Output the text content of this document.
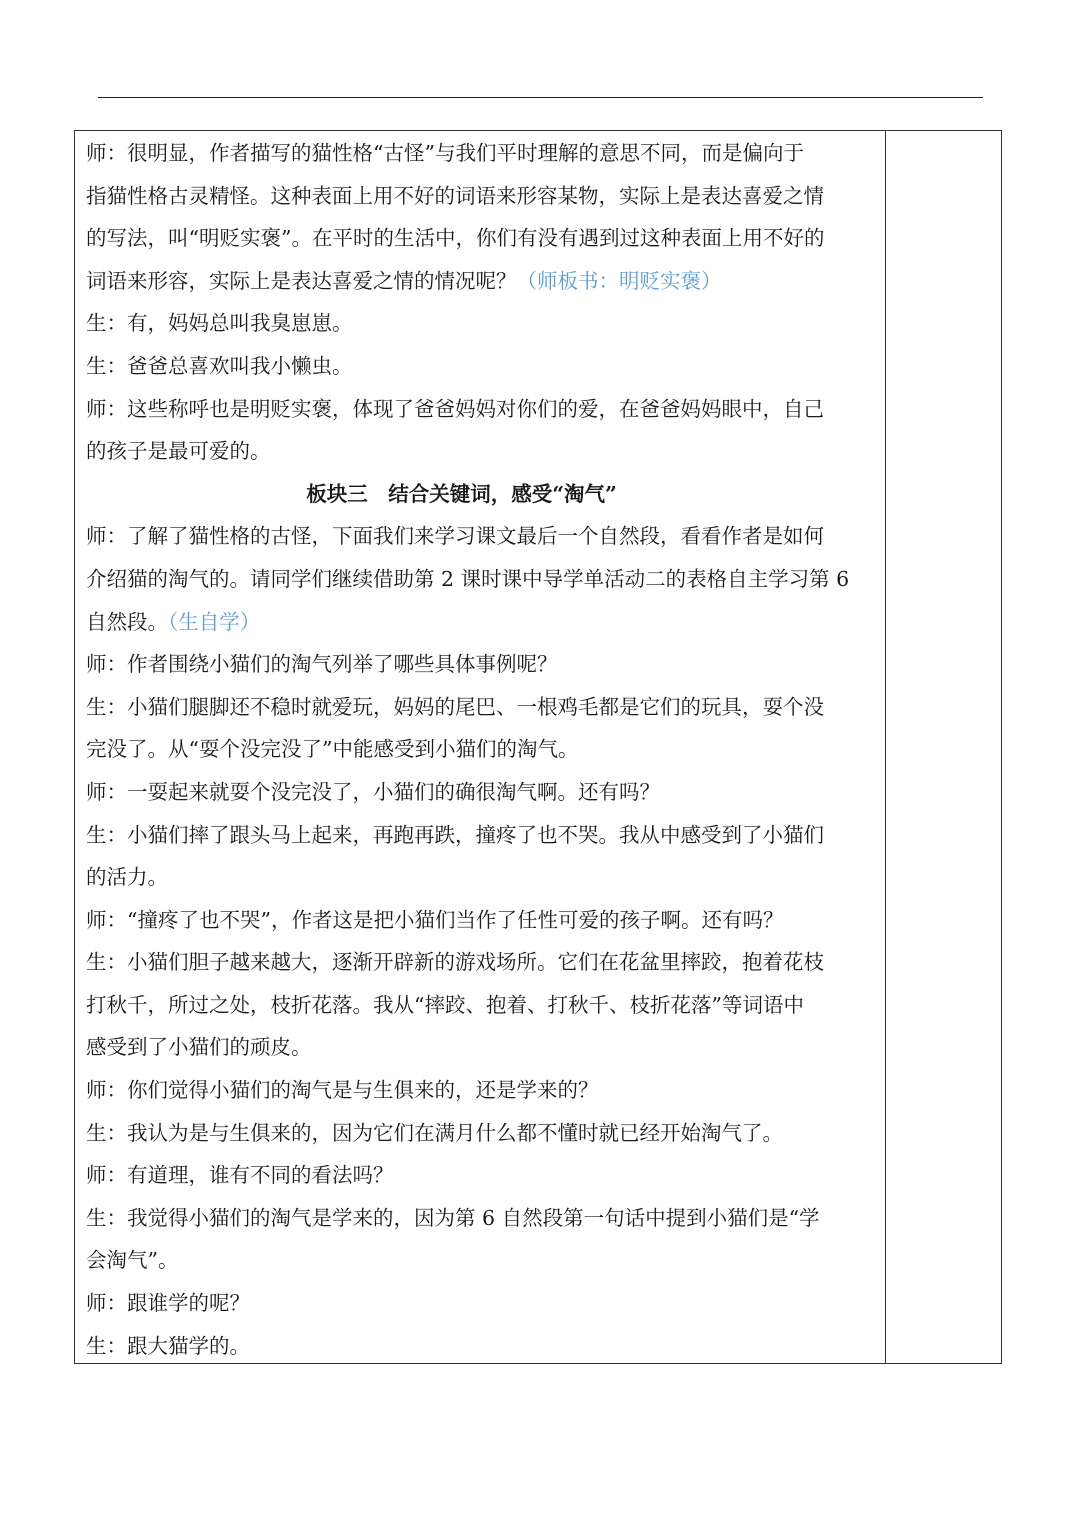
师：很明显，作者描写的猫性格“古怪”与我们平时理解的意思不同，而是偏向于
指猫性格古灵精怪。这种表面上用不好的词语来形容某物，实际上是表达喜爱之情
的写法，叫“明贬实褒”。在平时的生活中，你们有没有遇到过这种表面上用不好的
词语来形容，实际上是表达喜爱之情的情况呢？（师板书：明贬实褒）
生：有，妈妈总叫我臭崽崽。
生：爸爸总喜欢叫我小懒虫。
师：这些称呼也是明贬实褒，体现了爸爸妈妈对你们的爱，在爸爸妈妈眼中，自己
的孩子是最可爱的。
板块三　结合关键词，感受“淘气”
师：了解了猫性格的古怪，下面我们来学习课文最后一个自然段，看看作者是如何
介绍猫的淘气的。请同学们继续借助第 2 课时课中导学单活动二的表格自主学习第 6
自然段。（生自学）
师：作者围绕小猫们的淘气列举了哪些具体事例呢？
生：小猫们腿脚还不稳时就爱玩，妈妈的尾巴、一根鸡毛都是它们的玩具，耍个没
完没了。从“耍个没完没了”中能感受到小猫们的淘气。
师：一耍起来就耍个没完没了，小猫们的确很淘气啊。还有吗？
生：小猫们摔了跟头马上起来，再跑再跌，撞疼了也不哭。我从中感受到了小猫们
的活力。
师：“撞疼了也不哭”，作者这是把小猫们当作了任性可爱的孩子啊。还有吗？
生：小猫们胆子越来越大，逐渐开辟新的游戏场所。它们在花盆里摔跤，抱着花枝
打秋千，所过之处，枝折花落。我从“摔跤、抱着、打秋千、枝折花落”等词语中
感受到了小猫们的顽皮。
师：你们觉得小猫们的淘气是与生俱来的，还是学来的？
生：我认为是与生俱来的，因为它们在满月什么都不懂时就已经开始淘气了。
师：有道理，谁有不同的看法吗？
生：我觉得小猫们的淘气是学来的，因为第 6 自然段第一句话中提到小猫们是“学
会淘气”。
师：跟谁学的呢？
生：跟大猫学的。
